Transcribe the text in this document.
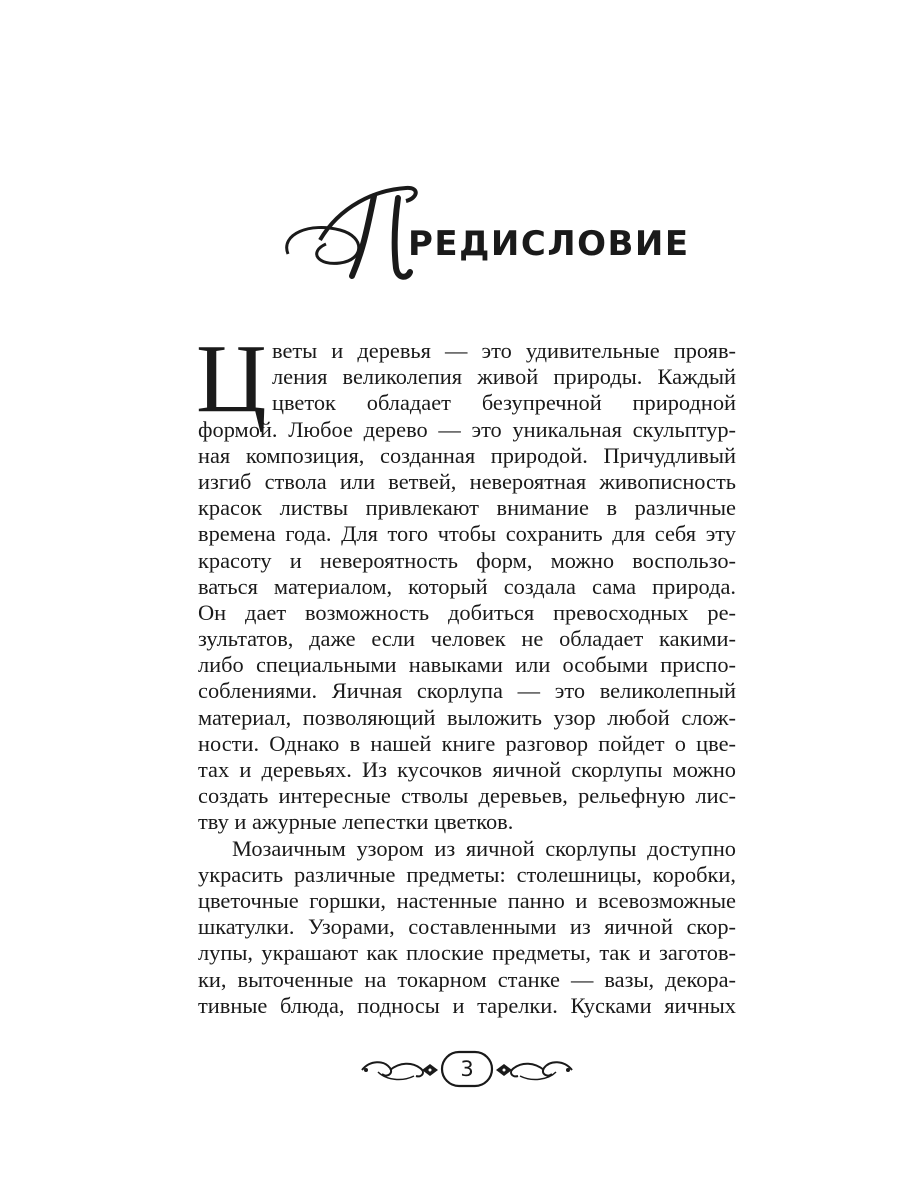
РЕДИСЛОВИЕ
Ц веты и деревья — это удивительные прояв-
ления великолепия живой природы. Каждый
цветок обладает безупречной природной
формой. Любое дерево — это уникальная скульптур-
ная композиция, созданная природой. Причудливый
изгиб ствола или ветвей, невероятная живописность
красок листвы привлекают внимание в различные
времена года. Для того чтобы сохранить для себя эту
красоту и невероятность форм, можно воспользо-
ваться материалом, который создала сама природа.
Он дает возможность добиться превосходных ре-
зультатов, даже если человек не обладает какими-
либо специальными навыками или особыми приспо-
соблениями. Яичная скорлупа — это великолепный
материал, позволяющий выложить узор любой слож-
ности. Однако в нашей книге разговор пойдет о цве-
тах и деревьях. Из кусочков яичной скорлупы можно
создать интересные стволы деревьев, рельефную лис-
тву и ажурные лепестки цветков.
Мозаичным узором из яичной скорлупы доступно
украсить различные предметы: столешницы, коробки,
цветочные горшки, настенные панно и всевозможные
шкатулки. Узорами, составленными из яичной скор-
лупы, украшают как плоские предметы, так и заготов-
ки, выточенные на токарном станке — вазы, декора-
тивные блюда, подносы и тарелки. Кусками яичных
3
